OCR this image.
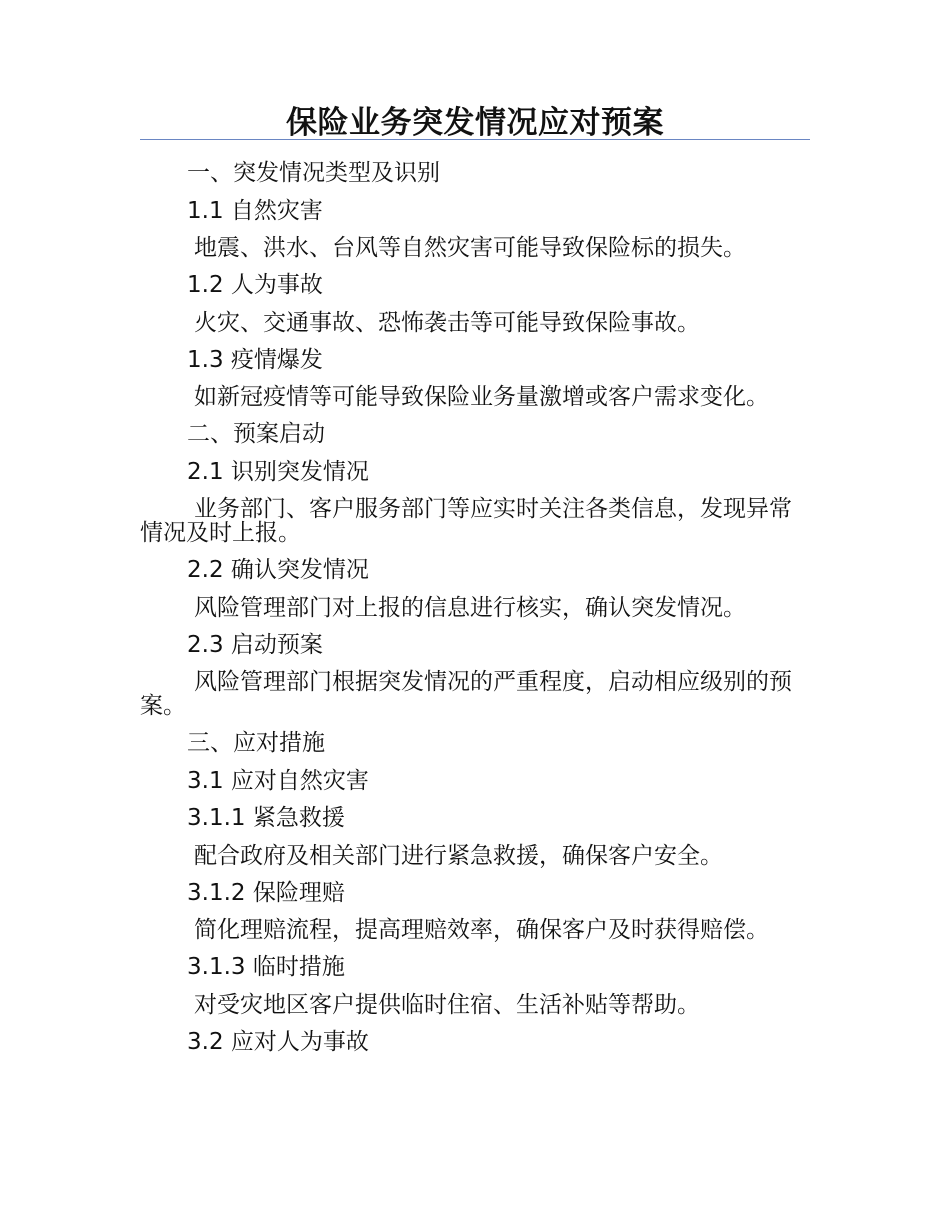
保险业务突发情况应对预案

一、突发情况类型及识别

1.1 自然灾害

地震、洪水、台风等自然灾害可能导致保险标的损失。

1.2 人为事故

火灾、交通事故、恐怖袭击等可能导致保险事故。

1.3 疫情爆发

如新冠疫情等可能导致保险业务量激增或客户需求变化。

二、预案启动

2.1 识别突发情况

业务部门、客户服务部门等应实时关注各类信息，发现异常情况及时上报。

2.2 确认突发情况

风险管理部门对上报的信息进行核实，确认突发情况。

2.3 启动预案

风险管理部门根据突发情况的严重程度，启动相应级别的预案。

三、应对措施

3.1 应对自然灾害

3.1.1 紧急救援

配合政府及相关部门进行紧急救援，确保客户安全。

3.1.2 保险理赔

简化理赔流程，提高理赔效率，确保客户及时获得赔偿。

3.1.3 临时措施

对受灾地区客户提供临时住宿、生活补贴等帮助。

3.2 应对人为事故
